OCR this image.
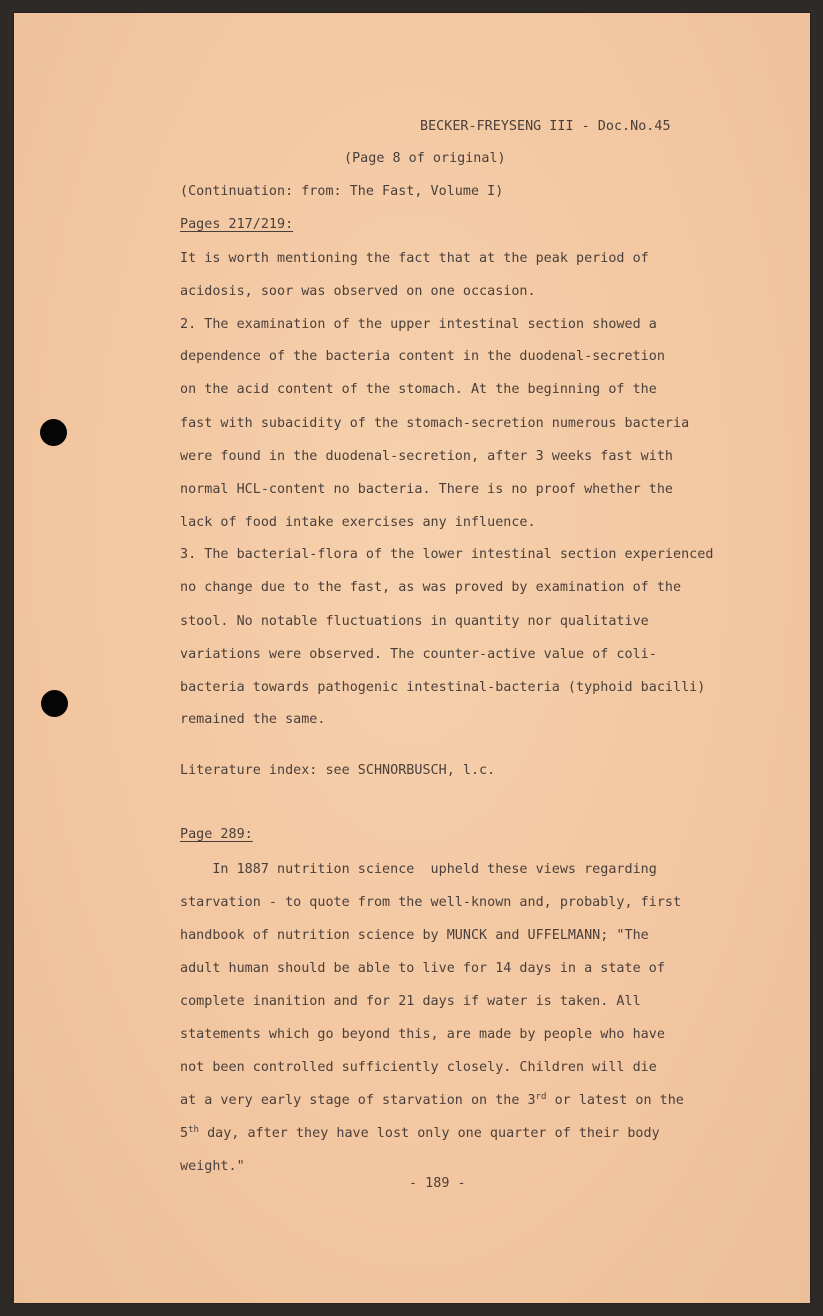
BECKER-FREYSENG III - Doc.No.45

(Page 8 of original)

(Continuation: from: The Fast, Volume I)

Pages 217/219:

It is worth mentioning the fact that at the peak period of

acidosis, soor was observed on one occasion.

2. The examination of the upper intestinal section showed a

dependence of the bacteria content in the duodenal-secretion

on the acid content of the stomach. At the beginning of the

fast with subacidity of the stomach-secretion numerous bacteria

were found in the duodenal-secretion, after 3 weeks fast with

normal HCL-content no bacteria. There is no proof whether the

lack of food intake exercises any influence.

3. The bacterial-flora of the lower intestinal section experienced

no change due to the fast, as was proved by examination of the

stool. No notable fluctuations in quantity nor qualitative

variations were observed. The counter-active value of coli-

bacteria towards pathogenic intestinal-bacteria (typhoid bacilli)

remained the same.

Literature index: see SCHNORBUSCH, l.c.

Page 289:

In 1887 nutrition science  upheld these views regarding

starvation - to quote from the well-known and, probably, first

handbook of nutrition science by MUNCK and UFFELMANN; "The

adult human should be able to live for 14 days in a state of

complete inanition and for 21 days if water is taken. All

statements which go beyond this, are made by people who have

not been controlled sufficiently closely. Children will die

at a very early stage of starvation on the 3rd or latest on the

5th day, after they have lost only one quarter of their body

weight."

- 189 -
